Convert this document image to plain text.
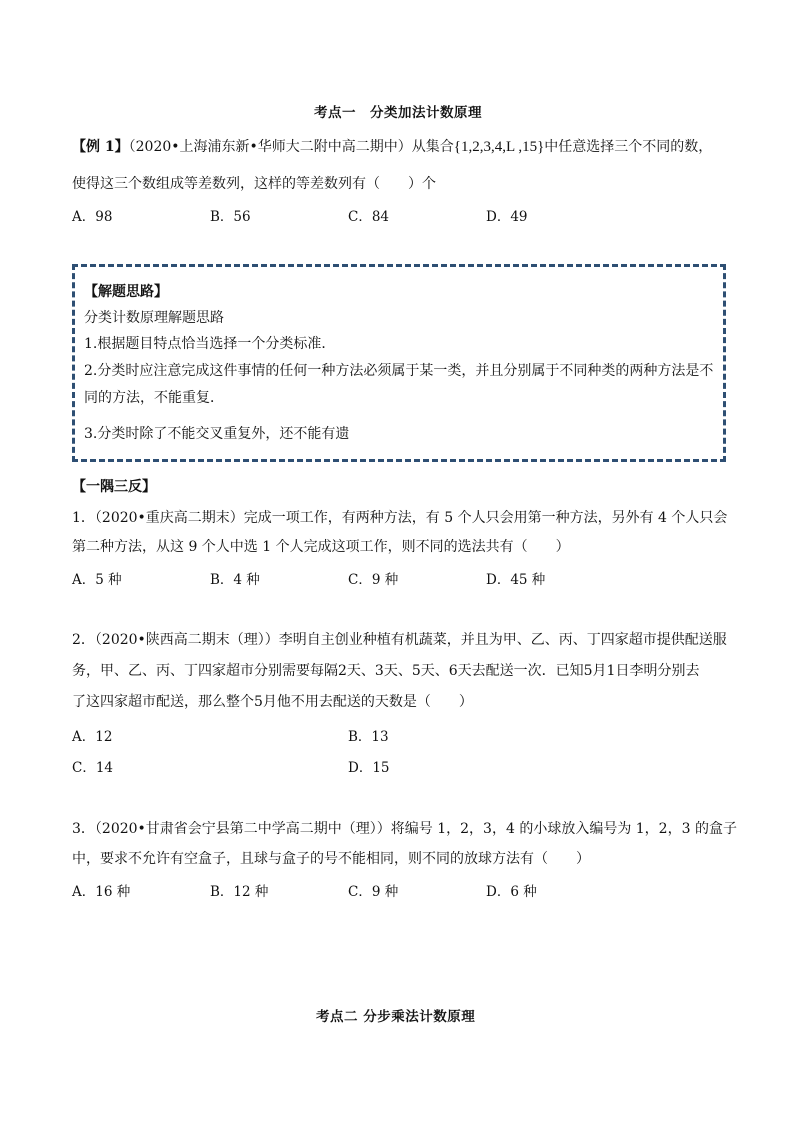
考点一　分类加法计数原理
【例 1】（2020•上海浦东新•华师大二附中高二期中）从集合{1,2,3,4,L ,15}中任意选择三个不同的数，
使得这三个数组成等差数列，这样的等差数列有（　　）个
A．98	B．56	C．84	D．49
【解题思路】
分类计数原理解题思路
1.根据题目特点恰当选择一个分类标准．
2.分类时应注意完成这件事情的任何一种方法必须属于某一类，并且分别属于不同种类的两种方法是不
同的方法，不能重复．
3.分类时除了不能交叉重复外，还不能有遗
【一隅三反】
1．（2020•重庆高二期末）完成一项工作，有两种方法，有 5 个人只会用第一种方法，另外有 4 个人只会
第二种方法，从这 9 个人中选 1 个人完成这项工作，则不同的选法共有（　　）
A．5 种	B．4 种	C．9 种	D．45 种
2．（2020•陕西高二期末（理））李明自主创业种植有机蔬菜，并且为甲、乙、丙、丁四家超市提供配送服
务，甲、乙、丙、丁四家超市分别需要每隔2天、3天、5天、6天去配送一次．已知5月1日李明分别去
了这四家超市配送，那么整个5月他不用去配送的天数是（　　）
A．12	B．13
C．14	D．15
3．（2020•甘肃省会宁县第二中学高二期中（理））将编号 1，2，3，4 的小球放入编号为 1，2，3 的盒子
中，要求不允许有空盒子，且球与盒子的号不能相同，则不同的放球方法有（　　）
A．16 种	B．12 种	C．9 种	D．6 种
考点二 分步乘法计数原理
